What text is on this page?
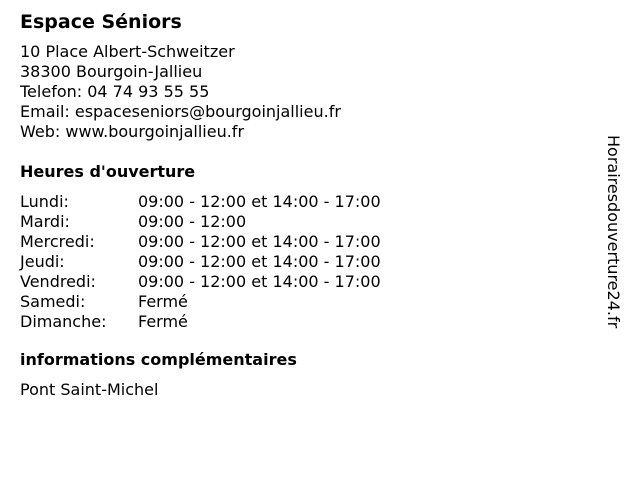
Espace Séniors
10 Place Albert-Schweitzer
38300 Bourgoin-Jallieu
Telefon: 04 74 93 55 55
Email: espaceseniors@bourgoinjallieu.fr
Web: www.bourgoinjallieu.fr
Heures d'ouverture
Lundi:	09:00 - 12:00 et 14:00 - 17:00
Mardi:	09:00 - 12:00
Mercredi:	09:00 - 12:00 et 14:00 - 17:00
Jeudi:	09:00 - 12:00 et 14:00 - 17:00
Vendredi:	09:00 - 12:00 et 14:00 - 17:00
Samedi:	Fermé
Dimanche:	Fermé
informations complémentaires
Pont Saint-Michel
Horairesdouverture24.fr
